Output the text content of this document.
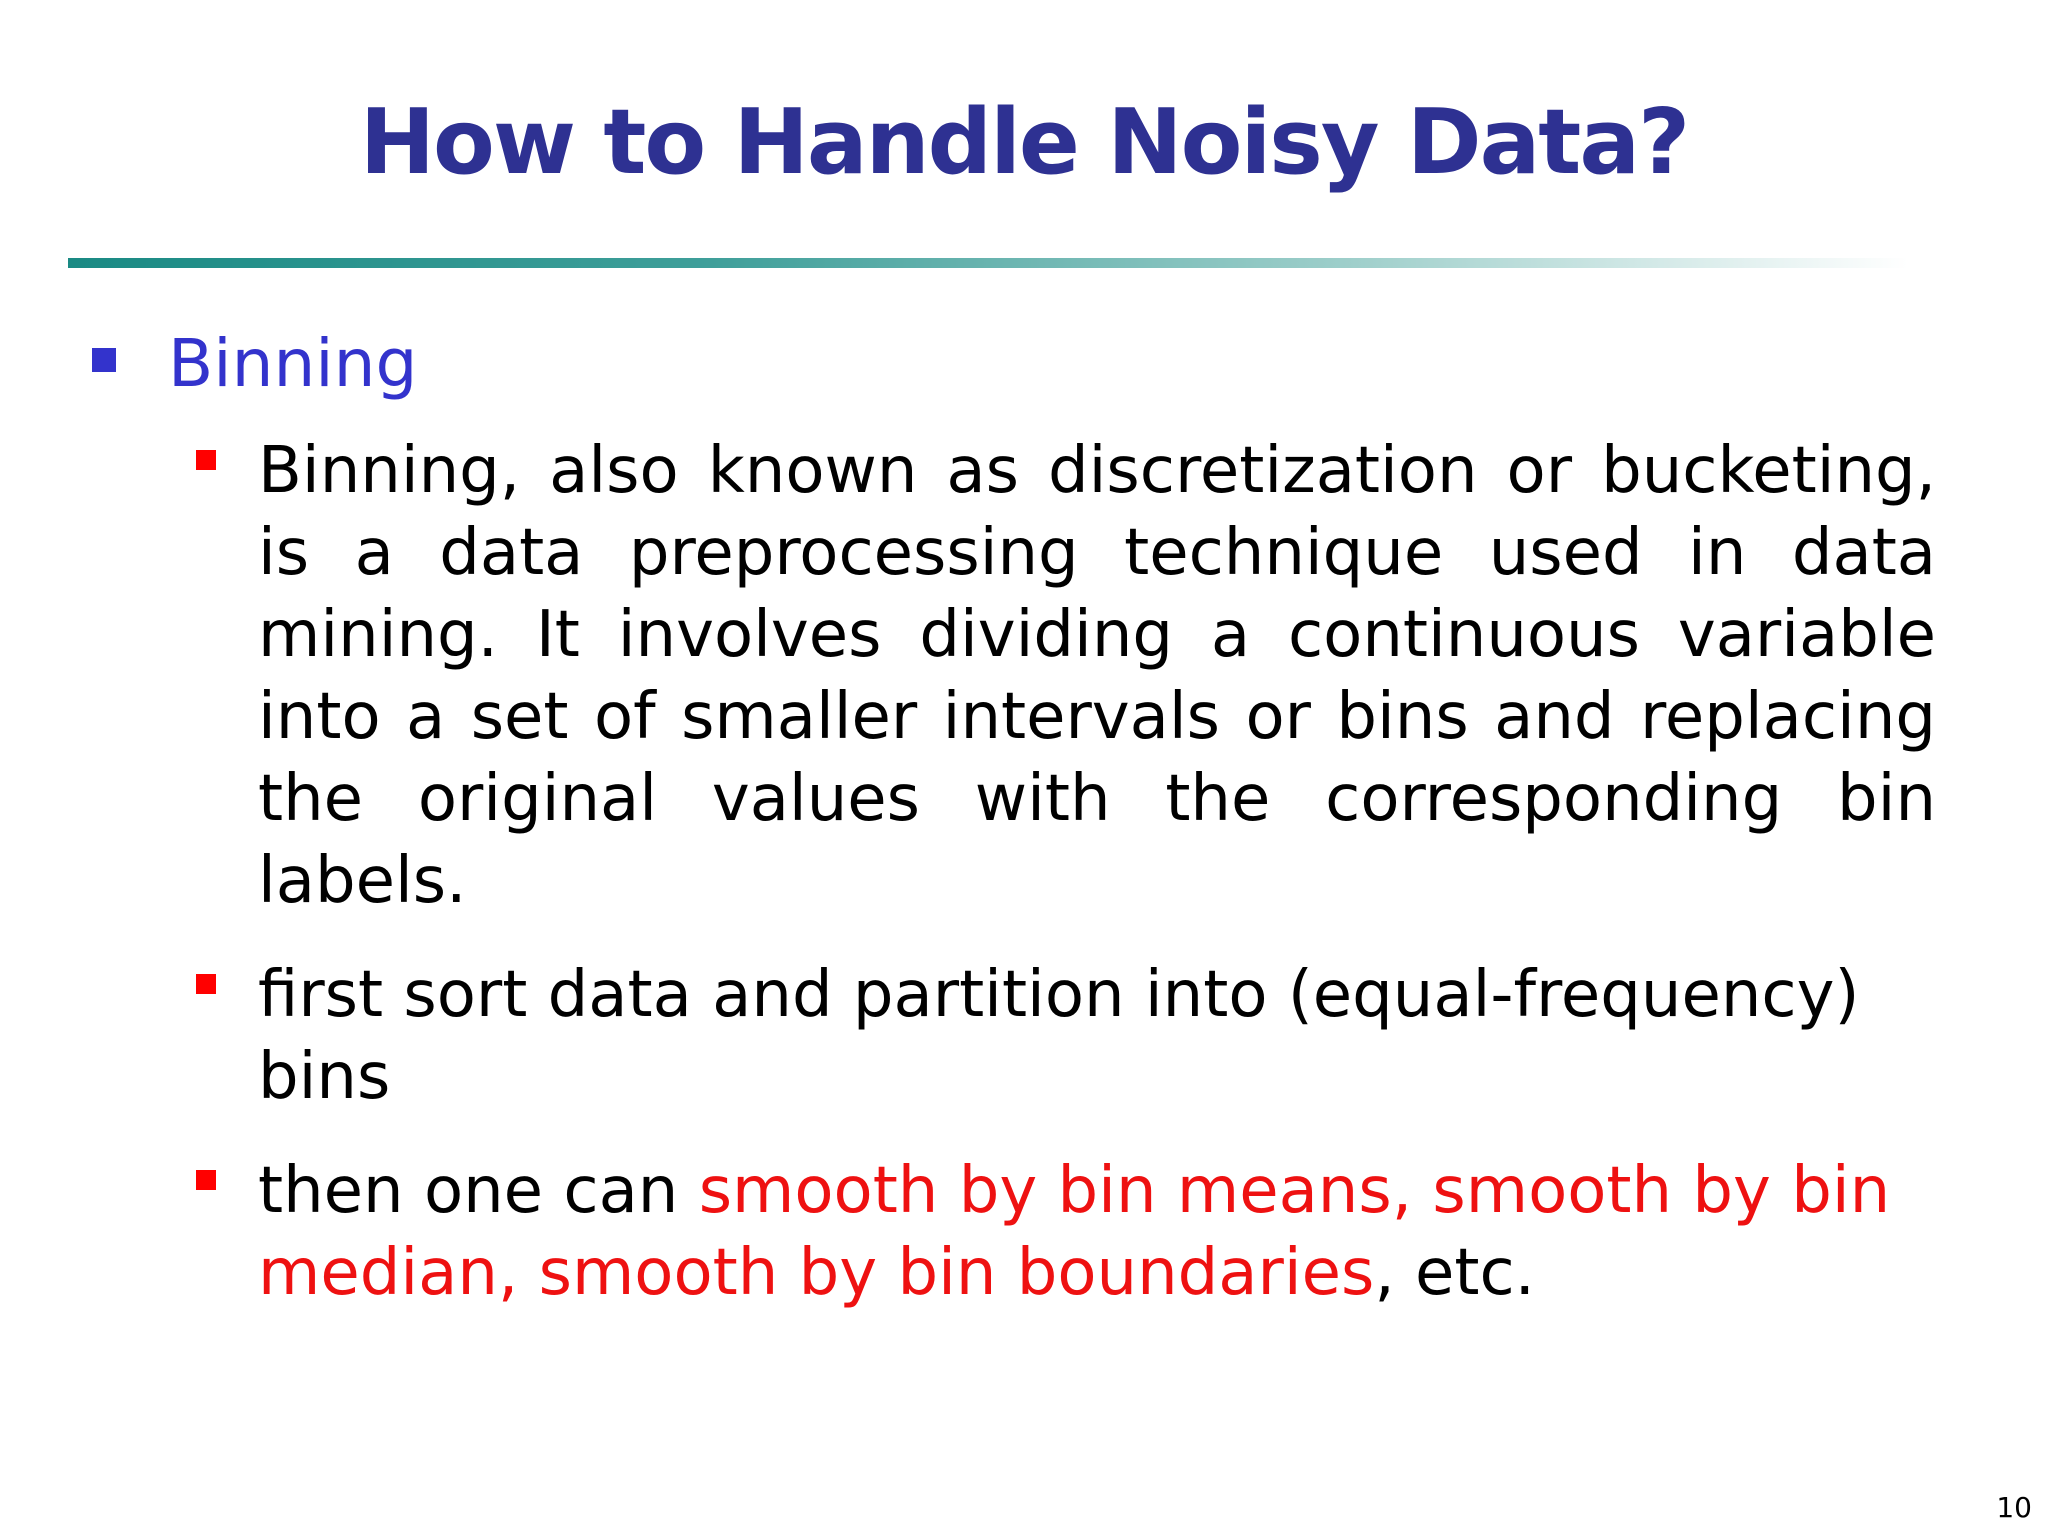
How to Handle Noisy Data?
Binning
Binning, also known as discretization or bucketing, is a data preprocessing technique used in data mining. It involves dividing a continuous variable into a set of smaller intervals or bins and replacing the original values with the corresponding bin labels.
first sort data and partition into (equal-frequency) bins
then one can smooth by bin means, smooth by bin median, smooth by bin boundaries, etc.
10
